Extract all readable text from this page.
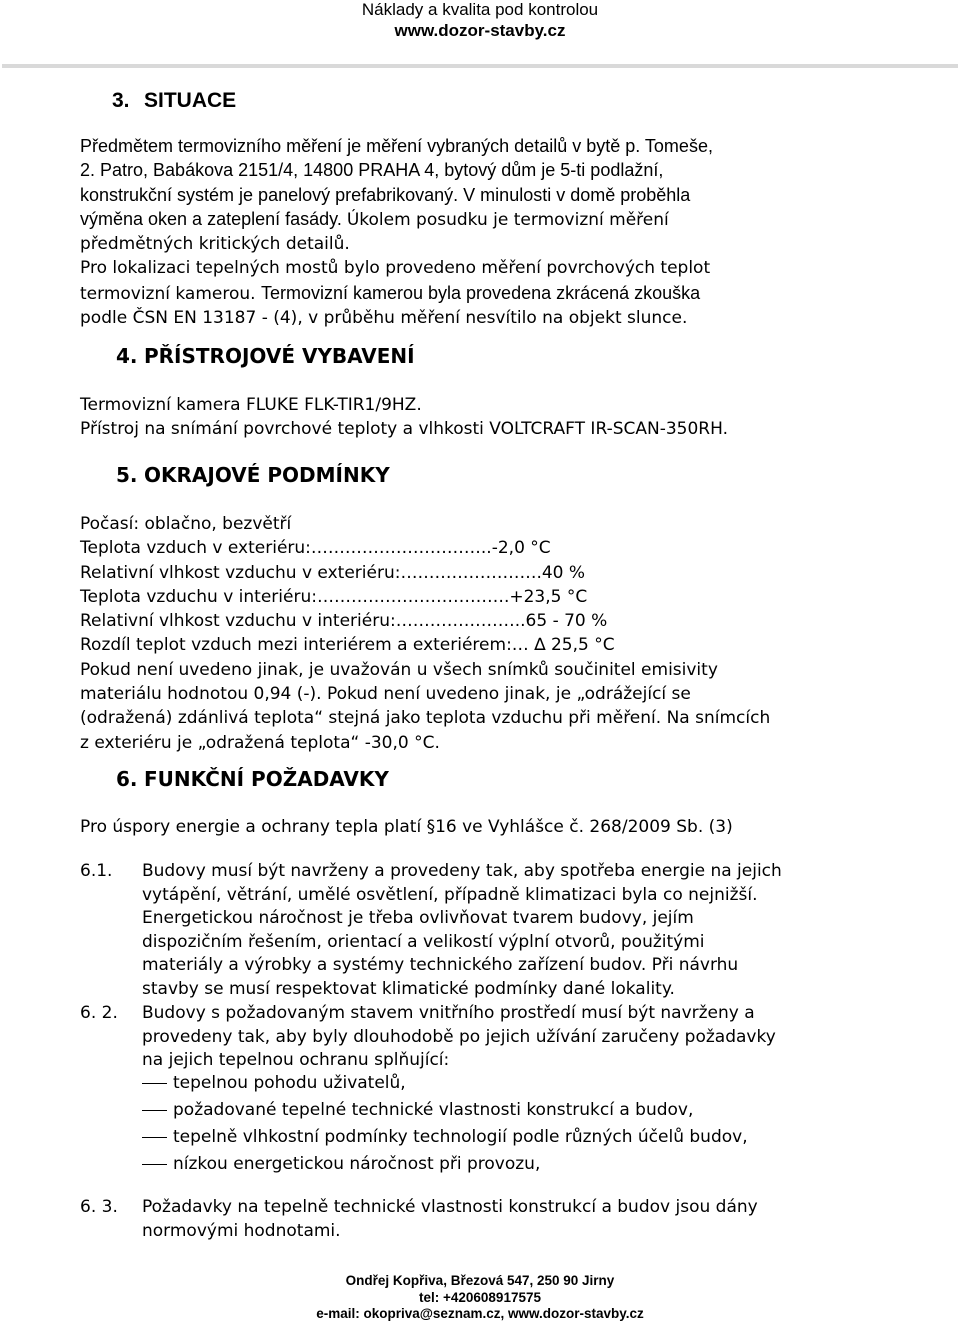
Náklady a kvalita pod kontrolou
www.dozor-stavby.cz
3. SITUACE
Předmětem termovizního měření je měření vybraných detailů v bytě p. Tomeše,
2. Patro, Babákova 2151/4, 14800 PRAHA 4, bytový dům je 5-ti podlažní,
konstrukční systém je panelový prefabrikovaný. V minulosti v domě proběhla
výměna oken a zateplení fasády. Úkolem posudku je termovizní měření
předmětných kritických detailů.
Pro lokalizaci tepelných mostů bylo provedeno měření povrchových teplot
termovizní kamerou. Termovizní kamerou byla provedena zkrácená zkouška
podle ČSN EN 13187 - (4), v průběhu měření nesvítilo na objekt slunce.
4. PŘÍSTROJOVÉ VYBAVENÍ
Termovizní kamera FLUKE FLK-TIR1/9HZ.
Přístroj na snímání povrchové teploty a vlhkosti VOLTCRAFT IR-SCAN-350RH.
5. OKRAJOVÉ PODMÍNKY
Počasí: oblačno, bezvětří
Teplota vzduch v exteriéru:…………………………..-2,0 °C
Relativní vlhkost vzduchu v exteriéru:…………………….40 %
Teplota vzduchu v interiéru:…………………………….+23,5 °C
Relativní vlhkost vzduchu v interiéru:…………………..65 - 70 %
Rozdíl teplot vzduch mezi interiérem a exteriérem:… ∆ 25,5 °C
Pokud není uvedeno jinak, je uvažován u všech snímků součinitel emisivity
materiálu hodnotou 0,94 (-). Pokud není uvedeno jinak, je „odrážející se
(odražená) zdánlivá teplota“ stejná jako teplota vzduchu při měření. Na snímcích
z exteriéru je „odražená teplota“ -30,0 °C.
6. FUNKČNÍ POŽADAVKY
Pro úspory energie a ochrany tepla platí §16 ve Vyhlášce č. 268/2009 Sb. (3)
6.1. Budovy musí být navrženy a provedeny tak, aby spotřeba energie na jejich
vytápění, větrání, umělé osvětlení, případně klimatizaci byla co nejnižší.
Energetickou náročnost je třeba ovlivňovat tvarem budovy, jejím
dispozičním řešením, orientací a velikostí výplní otvorů, použitými
materiály a výrobky a systémy technického zařízení budov. Při návrhu
stavby se musí respektovat klimatické podmínky dané lokality.
6. 2. Budovy s požadovaným stavem vnitřního prostředí musí být navrženy a
provedeny tak, aby byly dlouhodobě po jejich užívání zaručeny požadavky
na jejich tepelnou ochranu splňující:
tepelnou pohodu uživatelů,
požadované tepelné technické vlastnosti konstrukcí a budov,
tepelně vlhkostní podmínky technologií podle různých účelů budov,
nízkou energetickou náročnost při provozu,
6. 3. Požadavky na tepelně technické vlastnosti konstrukcí a budov jsou dány
normovými hodnotami.
Ondřej Kopřiva, Březová 547, 250 90 Jirny
tel: +420608917575
e-mail: okopriva@seznam.cz, www.dozor-stavby.cz
